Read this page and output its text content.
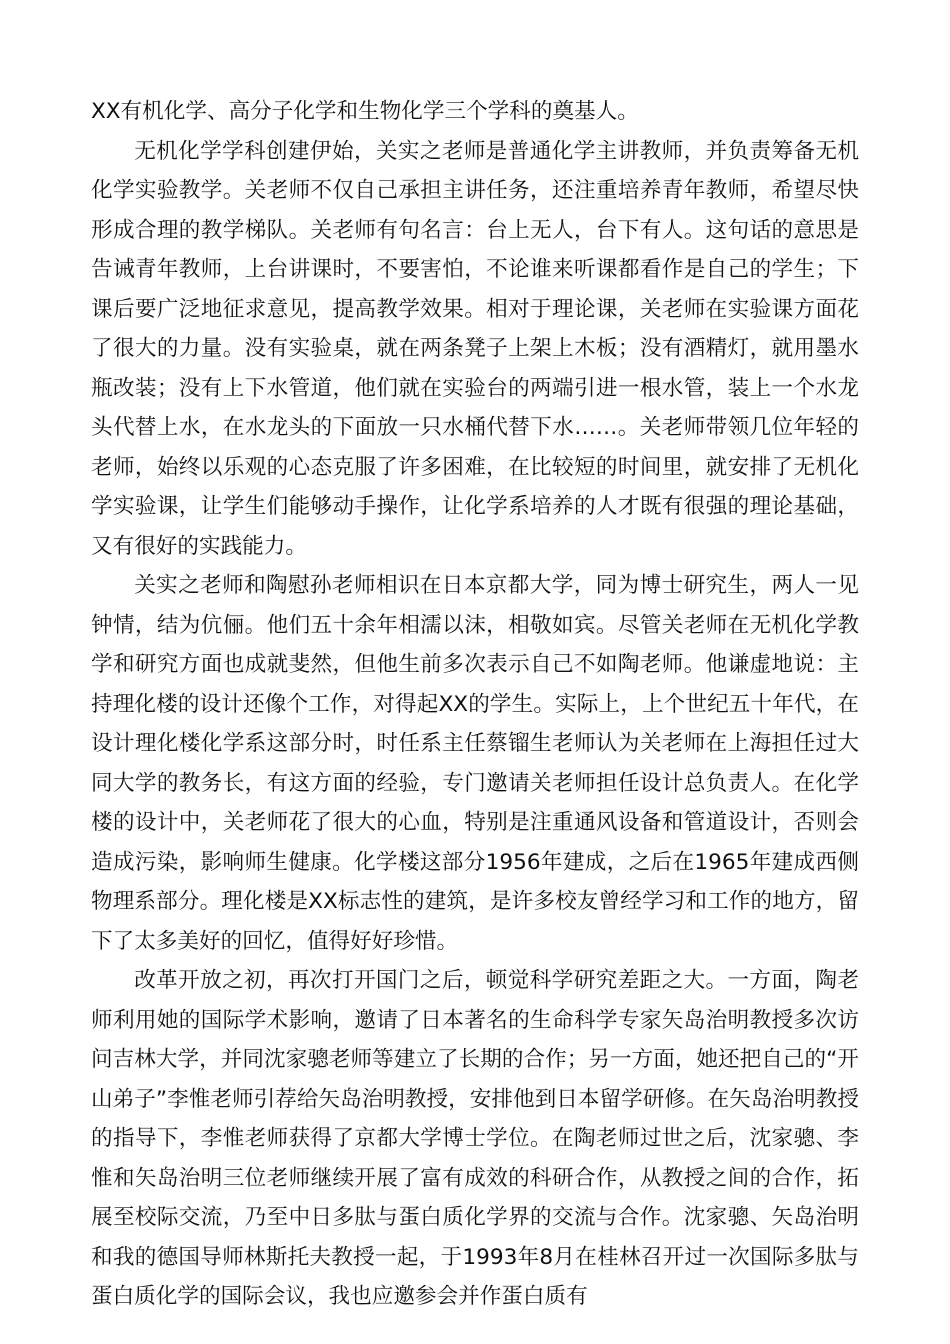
XX有机化学、高分子化学和生物化学三个学科的奠基人。

无机化学学科创建伊始，关实之老师是普通化学主讲教师，并负责筹备无机化学实验教学。关老师不仅自己承担主讲任务，还注重培养青年教师，希望尽快形成合理的教学梯队。关老师有句名言：台上无人，台下有人。这句话的意思是告诫青年教师，上台讲课时，不要害怕，不论谁来听课都看作是自己的学生；下课后要广泛地征求意见，提高教学效果。相对于理论课，关老师在实验课方面花了很大的力量。没有实验桌，就在两条凳子上架上木板；没有酒精灯，就用墨水瓶改装；没有上下水管道，他们就在实验台的两端引进一根水管，装上一个水龙头代替上水，在水龙头的下面放一只水桶代替下水……。关老师带领几位年轻的老师，始终以乐观的心态克服了许多困难，在比较短的时间里，就安排了无机化学实验课，让学生们能够动手操作，让化学系培养的人才既有很强的理论基础，又有很好的实践能力。

关实之老师和陶慰孙老师相识在日本京都大学，同为博士研究生，两人一见钟情，结为伉俪。他们五十余年相濡以沫，相敬如宾。尽管关老师在无机化学教学和研究方面也成就斐然，但他生前多次表示自己不如陶老师。他谦虚地说：主持理化楼的设计还像个工作，对得起XX的学生。实际上，上个世纪五十年代，在设计理化楼化学系这部分时，时任系主任蔡镏生老师认为关老师在上海担任过大同大学的教务长，有这方面的经验，专门邀请关老师担任设计总负责人。在化学楼的设计中，关老师花了很大的心血，特别是注重通风设备和管道设计，否则会造成污染，影响师生健康。化学楼这部分1956年建成，之后在1965年建成西侧物理系部分。理化楼是XX标志性的建筑，是许多校友曾经学习和工作的地方，留下了太多美好的回忆，值得好好珍惜。

改革开放之初，再次打开国门之后，顿觉科学研究差距之大。一方面，陶老师利用她的国际学术影响，邀请了日本著名的生命科学专家矢岛治明教授多次访问吉林大学，并同沈家骢老师等建立了长期的合作；另一方面，她还把自己的“开山弟子”李惟老师引荐给矢岛治明教授，安排他到日本留学研修。在矢岛治明教授的指导下，李惟老师获得了京都大学博士学位。在陶老师过世之后，沈家骢、李惟和矢岛治明三位老师继续开展了富有成效的科研合作，从教授之间的合作，拓展至校际交流，乃至中日多肽与蛋白质化学界的交流与合作。沈家骢、矢岛治明和我的德国导师林斯托夫教授一起，于1993年8月在桂林召开过一次国际多肽与蛋白质化学的国际会议，我也应邀参会并作蛋白质有
